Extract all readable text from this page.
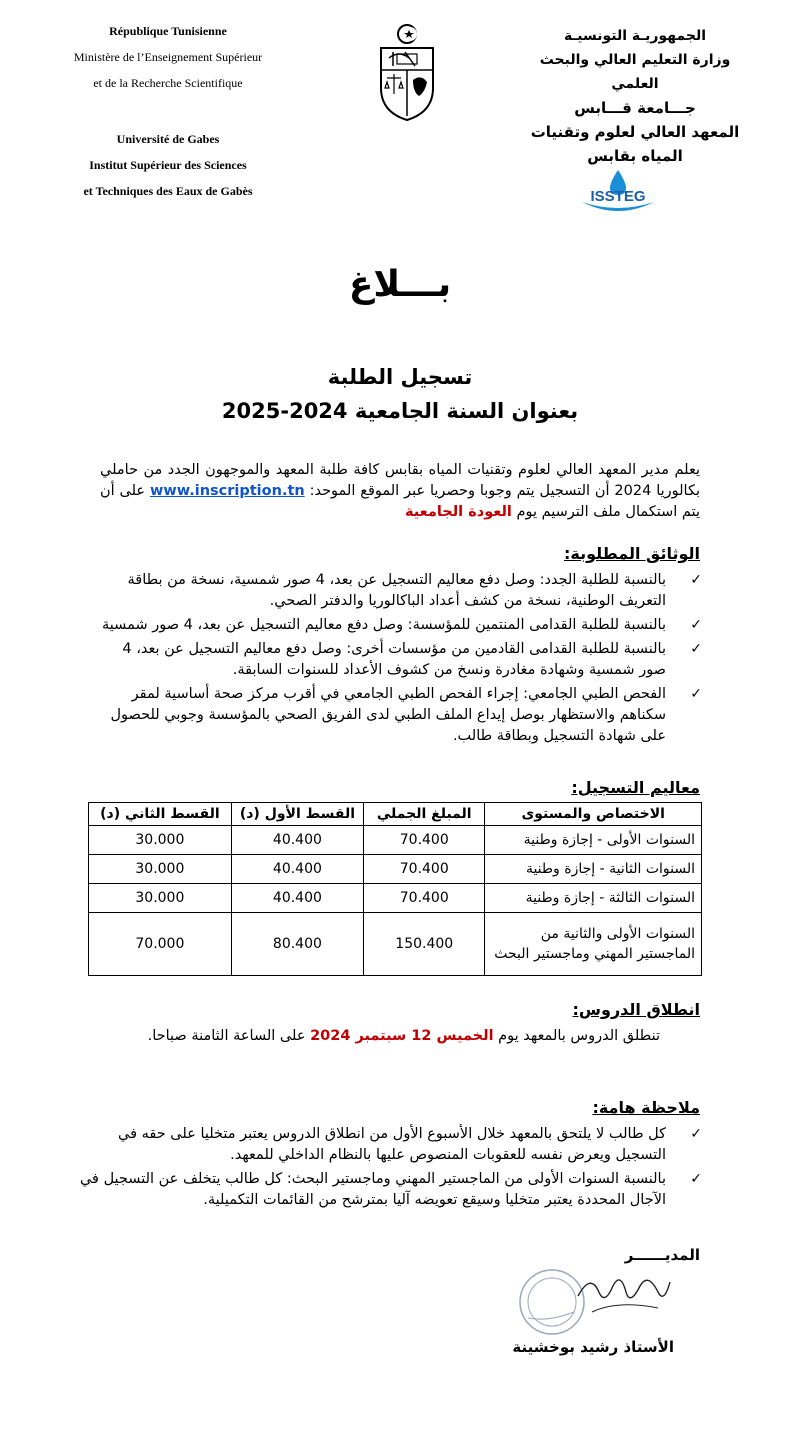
République Tunisienne
Ministère de l’Enseignement Supérieur
et de la Recherche Scientifique
Université de Gabes
Institut Supérieur des Sciences
et Techniques des Eaux de Gabès
الجمهوريـة التونسيـة
وزارة التعليم العالي والبحث العلمي
جـــامعة قـــابس
المعهد العالي لعلوم وتقنيات
المياه بقابس
ISSTEG
بـــلاغ
تسجيل الطلبة
بعنوان السنة الجامعية 2024-2025
يعلم مدير المعهد العالي لعلوم وتقنيات المياه بقابس كافة طلبة المعهد والموجهون الجدد من حاملي بكالوريا 2024 أن التسجيل يتم وجوبا وحصريا عبر الموقع الموحد: www.inscription.tn على أن يتم استكمال ملف الترسيم يوم العودة الجامعية
الوثائق المطلوبة:
✓
بالنسبة للطلبة الجدد: وصل دفع معاليم التسجيل عن بعد، 4 صور شمسية، نسخة من بطاقة التعريف الوطنية، نسخة من كشف أعداد الباكالوريا والدفتر الصحي.
✓
بالنسبة للطلبة القدامى المنتمين للمؤسسة: وصل دفع معاليم التسجيل عن بعد، 4 صور شمسية
✓
بالنسبة للطلبة القدامى القادمين من مؤسسات أخرى: وصل دفع معاليم التسجيل عن بعد، 4 صور شمسية وشهادة مغادرة ونسخ من كشوف الأعداد للسنوات السابقة.
✓
الفحص الطبي الجامعي: إجراء الفحص الطبي الجامعي في أقرب مركز صحة أساسية لمقر سكناهم والاستظهار بوصل إيداع الملف الطبي لدى الفريق الصحي بالمؤسسة وجوبي للحصول على شهادة التسجيل وبطاقة طالب.
معاليم التسجيل:
الاختصاص والمستوى	المبلغ الجملي	القسط الأول (د)	القسط الثاني (د)
السنوات الأولى - إجازة وطنية	70.400	40.400	30.000
السنوات الثانية - إجازة وطنية	70.400	40.400	30.000
السنوات الثالثة - إجازة وطنية	70.400	40.400	30.000
السنوات الأولى والثانية من الماجستير المهني وماجستير البحث	150.400	80.400	70.000
انطلاق الدروس:
تنطلق الدروس بالمعهد يوم الخميس 12 سبتمبر 2024 على الساعة الثامنة صباحا.
ملاحظة هامة:
✓
كل طالب لا يلتحق بالمعهد خلال الأسبوع الأول من انطلاق الدروس يعتبر متخليا على حقه في التسجيل ويعرض نفسه للعقوبات المنصوص عليها بالنظام الداخلي للمعهد.
✓
بالنسبة السنوات الأولى من الماجستير المهني وماجستير البحث: كل طالب يتخلف عن التسجيل في الآجال المحددة يعتبر متخليا وسيقع تعويضه آليا بمترشح من القائمات التكميلية.
المديــــــر
الأستاذ رشيد بوخشينة
